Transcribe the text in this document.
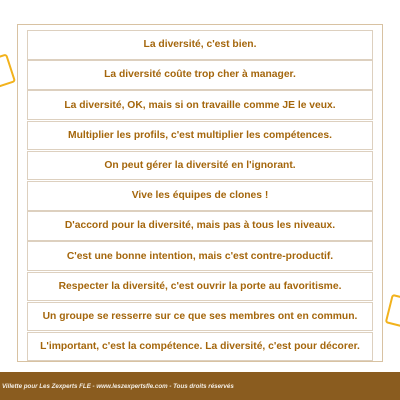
La diversité, c'est bien.
La diversité coûte trop cher à manager.
La diversité, OK, mais si on travaille comme JE le veux.
Multiplier les profils, c'est multiplier les compétences.
On peut gérer la diversité en l'ignorant.
Vive les équipes de clones !
D'accord pour la diversité, mais pas à tous les niveaux.
C'est une bonne intention, mais c'est contre-productif.
Respecter la diversité, c'est ouvrir la porte au favoritisme.
Un groupe se resserre sur ce que ses membres ont en commun.
L'important, c'est la compétence. La diversité, c'est pour décorer.
Villette pour Les Zexperts FLE - www.leszexpertsfle.com - Tous droits réservés
